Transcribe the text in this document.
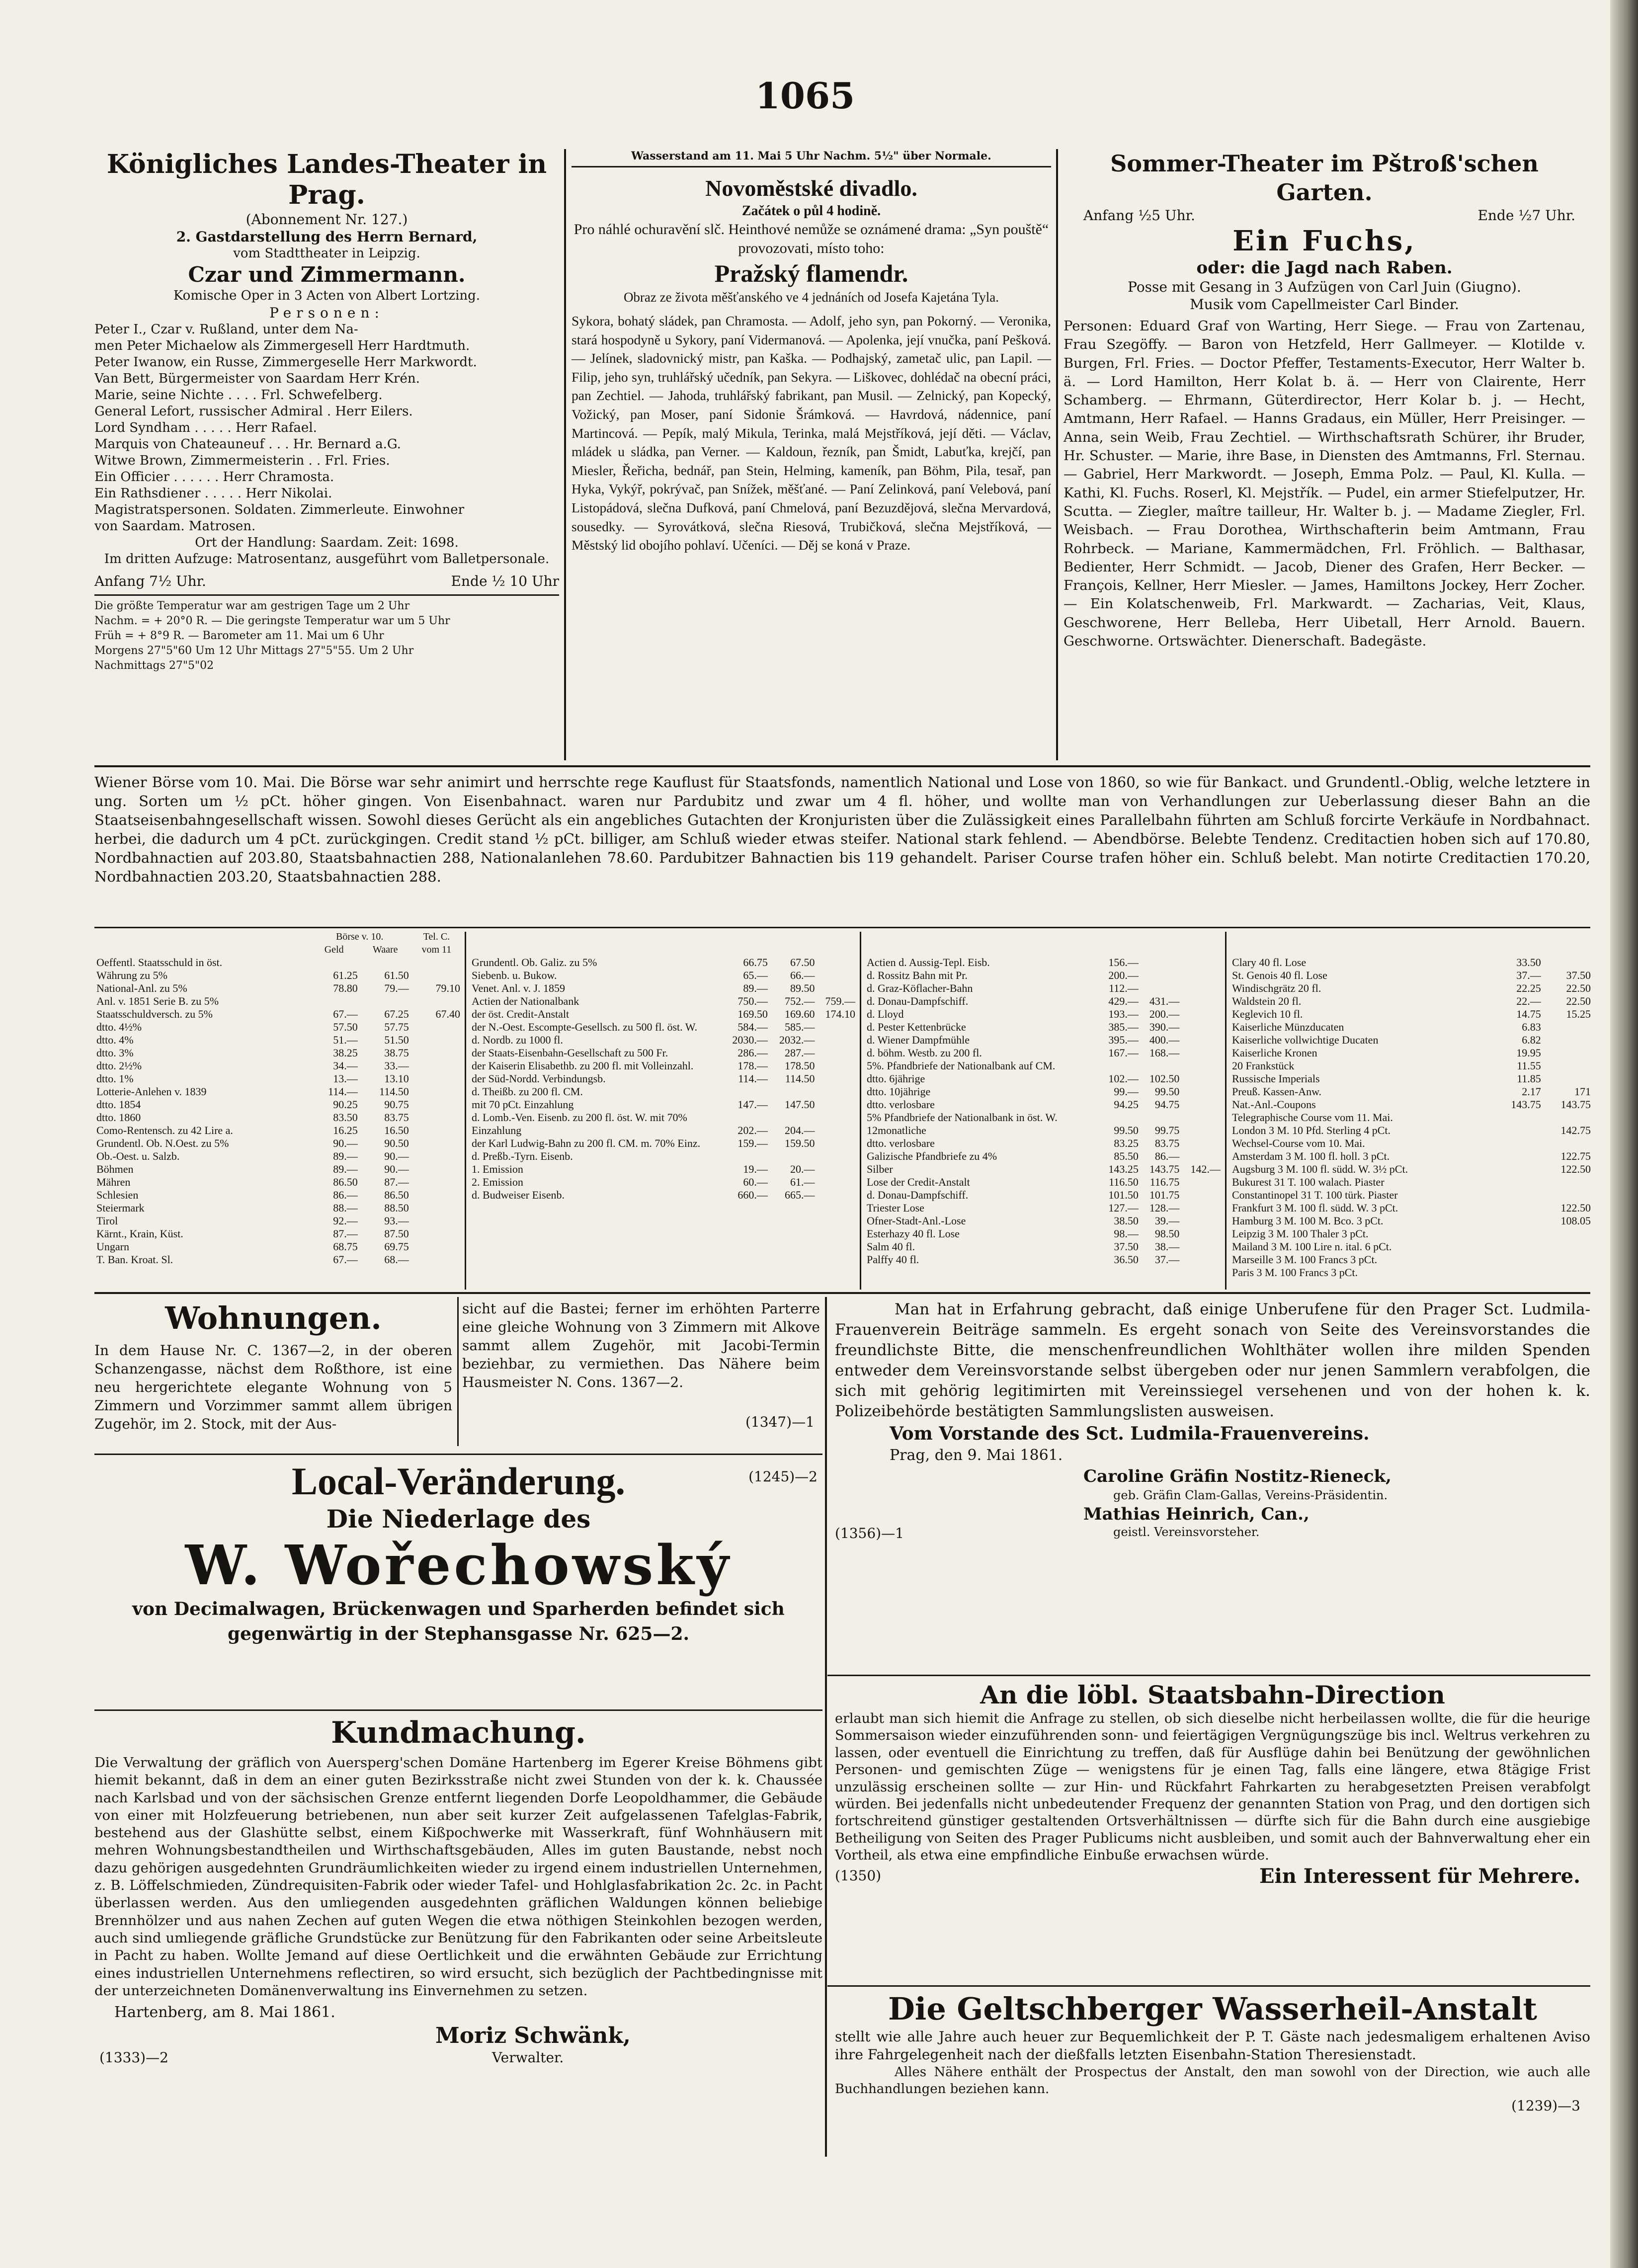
1065
Königliches Landes-Theater in Prag.
(Abonnement Nr. 127.)
2. Gastdarstellung des Herrn Bernard,
vom Stadttheater in Leipzig.
Czar und Zimmermann.
Komische Oper in 3 Acten von Albert Lortzing.
Personen:
Peter I., Czar v. Rußland, unter dem Na-
men Peter Michaelow als Zimmergesell Herr Hardtmuth.
Peter Iwanow, ein Russe, Zimmergeselle Herr Markwordt.
Van Bett, Bürgermeister von Saardam Herr Krén.
Marie, seine Nichte . . . . Frl. Schwefelberg.
General Lefort, russischer Admiral . Herr Eilers.
Lord Syndham . . . . . Herr Rafael.
Marquis von Chateauneuf . . . Hr. Bernard a.G.
Witwe Brown, Zimmermeisterin . . Frl. Fries.
Ein Officier . . . . . . Herr Chramosta.
Ein Rathsdiener . . . . . Herr Nikolai.
Magistratspersonen. Soldaten. Zimmerleute. Einwohner
von Saardam. Matrosen.
Ort der Handlung: Saardam. Zeit: 1698.
Im dritten Aufzuge: Matrosentanz, ausgeführt vom Balletpersonale.
Anfang 7½ Uhr.	Ende ½ 10 Uhr
Die größte Temperatur war am gestrigen Tage um 2 Uhr
Nachm. = + 20°0 R. — Die geringste Temperatur war um 5 Uhr
Früh = + 8°9 R. — Barometer am 11. Mai um 6 Uhr
Morgens 27"5"60 Um 12 Uhr Mittags 27"5"55. Um 2 Uhr
Nachmittags 27"5"02
Wasserstand am 11. Mai 5 Uhr Nachm. 5½" über Normale.
Novoměstské divadlo.
Začátek o půl 4 hodině.
Pro náhlé ochuravění slč. Heinthové nemůže se oznámené drama: „Syn pouště“ provozovati, místo toho:
Pražský flamendr.
Obraz ze života měšťanského ve 4 jednáních od Josefa Kajetána Tyla.
Sykora, bohatý sládek, pan Chramosta. — Adolf, jeho syn, pan Pokorný. — Veronika, stará hospodyně u Sykory, paní Vidermanová. — Apolenka, její vnučka, paní Pešková. — Jelínek, sladovnický mistr, pan Kaška. — Podhajský, zametač ulic, pan Lapil. — Filip, jeho syn, truhlářský učedník, pan Sekyra. — Liškovec, dohlédač na obecní práci, pan Zechtiel. — Jahoda, truhlářský fabrikant, pan Musil. — Zelnický, pan Kopecký, Vožický, pan Moser, paní Sidonie Šrámková. — Havrdová, nádennice, paní Martincová. — Pepík, malý Mikula, Terinka, malá Mejstříková, její děti. — Václav, mládek u sládka, pan Verner. — Kaldoun, řezník, pan Šmidt, Labuťka, krejčí, pan Miesler, Řeřicha, bednář, pan Stein, Helming, kameník, pan Böhm, Pila, tesař, pan Hyka, Vykýř, pokrývač, pan Snížek, měšťané. — Paní Zelinková, paní Velebová, paní Listopádová, slečna Dufková, paní Chmelová, paní Bezuzdějová, slečna Mervardová, sousedky. — Syrovátková, slečna Riesová, Trubičková, slečna Mejstříková, — Městský lid obojího pohlaví. Učeníci. — Děj se koná v Praze.
Sommer-Theater im Pštroß'schen Garten.
Anfang ½5 Uhr.	Ende ½7 Uhr.
Ein Fuchs,
oder: die Jagd nach Raben.
Posse mit Gesang in 3 Aufzügen von Carl Juin (Giugno).
Musik vom Capellmeister Carl Binder.
Personen: Eduard Graf von Warting, Herr Siege. — Frau von Zartenau, Frau Szegöffy. — Baron von Hetzfeld, Herr Gallmeyer. — Klotilde v. Burgen, Frl. Fries. — Doctor Pfeffer, Testaments-Executor, Herr Walter b. ä. — Lord Hamilton, Herr Kolat b. ä. — Herr von Clairente, Herr Schamberg. — Ehrmann, Güterdirector, Herr Kolar b. j. — Hecht, Amtmann, Herr Rafael. — Hanns Gradaus, ein Müller, Herr Preisinger. — Anna, sein Weib, Frau Zechtiel. — Wirthschaftsrath Schürer, ihr Bruder, Hr. Schuster. — Marie, ihre Base, in Diensten des Amtmanns, Frl. Sternau. — Gabriel, Herr Markwordt. — Joseph, Emma Polz. — Paul, Kl. Kulla. — Kathi, Kl. Fuchs. Roserl, Kl. Mejstřík. — Pudel, ein armer Stiefelputzer, Hr. Scutta. — Ziegler, maître tailleur, Hr. Walter b. j. — Madame Ziegler, Frl. Weisbach. — Frau Dorothea, Wirthschafterin beim Amtmann, Frau Rohrbeck. — Mariane, Kammermädchen, Frl. Fröhlich. — Balthasar, Bedienter, Herr Schmidt. — Jacob, Diener des Grafen, Herr Becker. — François, Kellner, Herr Miesler. — James, Hamiltons Jockey, Herr Zocher. — Ein Kolatschenweib, Frl. Markwardt. — Zacharias, Veit, Klaus, Geschworene, Herr Belleba, Herr Uibetall, Herr Arnold. Bauern. Geschworne. Ortswächter. Dienerschaft. Badegäste.
Wiener Börse vom 10. Mai. Die Börse war sehr animirt und herrschte rege Kauflust für Staatsfonds, namentlich National und Lose von 1860, so wie für Bankact. und Grundentl.-Oblig, welche letztere in ung. Sorten um ½ pCt. höher gingen. Von Eisenbahnact. waren nur Pardubitz und zwar um 4 fl. höher, und wollte man von Verhandlungen zur Ueberlassung dieser Bahn an die Staatseisenbahngesellschaft wissen. Sowohl dieses Gerücht als ein angebliches Gutachten der Kronjuristen über die Zulässigkeit eines Parallelbahn führten am Schluß forcirte Verkäufe in Nordbahnact. herbei, die dadurch um 4 pCt. zurückgingen. Credit stand ½ pCt. billiger, am Schluß wieder etwas steifer. National stark fehlend. — Abendbörse. Belebte Tendenz. Creditactien hoben sich auf 170.80, Nordbahnactien auf 203.80, Staatsbahnactien 288, Nationalanlehen 78.60. Pardubitzer Bahnactien bis 119 gehandelt. Pariser Course trafen höher ein. Schluß belebt. Man notirte Creditactien 170.20, Nordbahnactien 203.20, Staatsbahnactien 288.
	Börse v. 10.		Tel. C.
	Geld	Waare	vom 11
Oeffentl. Staatsschuld in öst.			
Währung zu 5%	61.25	61.50	
National-Anl. zu 5%	78.80	79.—	79.10
Anl. v. 1851 Serie B. zu 5%			
Staatsschuldversch. zu 5%	67.—	67.25	67.40
dtto. 4½%	57.50	57.75	
dtto. 4%	51.—	51.50	
dtto. 3%	38.25	38.75	
dtto. 2½%	34.—	33.—	
dtto. 1%	13.—	13.10	
Lotterie-Anlehen v. 1839	114.—	114.50	
dtto. 1854	90.25	90.75	
dtto. 1860	83.50	83.75	
Como-Rentensch. zu 42 Lire a.	16.25	16.50	
Grundentl. Ob. N.Oest. zu 5%	90.—	90.50	
Ob.-Oest. u. Salzb.	89.—	90.—	
Böhmen	89.—	90.—	
Mähren	86.50	87.—	
Schlesien	86.—	86.50	
Steiermark	88.—	88.50	
Tirol	92.—	93.—	
Kärnt., Krain, Küst.	87.—	87.50	
Ungarn	68.75	69.75	
T. Ban. Kroat. Sl.	67.—	68.—	

Grundentl. Ob. Galiz. zu 5%	66.75	67.50	
Siebenb. u. Bukow.	65.—	66.—	
Venet. Anl. v. J. 1859	89.—	89.50	
Actien der Nationalbank	750.—	752.—	759.—
der öst. Credit-Anstalt	169.50	169.60	174.10
der N.-Oest. Escompte-Gesellsch. zu 500 fl. öst. W.	584.—	585.—	
d. Nordb. zu 1000 fl.	2030.—	2032.—	
der Staats-Eisenbahn-Gesellschaft zu 500 Fr.	286.—	287.—	
der Kaiserin Elisabethb. zu 200 fl. mit Volleinzahl.	178.—	178.50	
der Süd-Nordd. Verbindungsb.	114.—	114.50	
d. Theißb. zu 200 fl. CM.			
mit 70 pCt. Einzahlung	147.—	147.50	
d. Lomb.-Ven. Eisenb. zu 200 fl. öst. W. mit 70%			
Einzahlung	202.—	204.—	
der Karl Ludwig-Bahn zu 200 fl. CM. m. 70% Einz.	159.—	159.50	
d. Preßb.-Tyrn. Eisenb.			
1. Emission	19.—	20.—	
2. Emission	60.—	61.—	
d. Budweiser Eisenb.	660.—	665.—	

Actien d. Aussig-Tepl. Eisb.	156.—		
d. Rossitz Bahn mit Pr.	200.—		
d. Graz-Köflacher-Bahn	112.—		
d. Donau-Dampfschiff.	429.—	431.—	
d. Lloyd	193.—	200.—	
d. Pester Kettenbrücke	385.—	390.—	
d. Wiener Dampfmühle	395.—	400.—	
d. böhm. Westb. zu 200 fl.	167.—	168.—	
5%. Pfandbriefe der Nationalbank auf CM.			
dtto. 6jährige	102.—	102.50	
dtto. 10jährige	99.—	99.50	
dtto. verlosbare	94.25	94.75	
5% Pfandbriefe der Nationalbank in öst. W.			
12monatliche	99.50	99.75	
dtto. verlosbare	83.25	83.75	
Galizische Pfandbriefe zu 4%	85.50	86.—	
Silber	143.25	143.75	142.—
Lose der Credit-Anstalt	116.50	116.75	
d. Donau-Dampfschiff.	101.50	101.75	
Triester Lose	127.—	128.—	
Ofner-Stadt-Anl.-Lose	38.50	39.—	
Esterhazy 40 fl. Lose	98.—	98.50	
Salm 40 fl.	37.50	38.—	
Palffy 40 fl.	36.50	37.—	

Clary 40 fl. Lose	33.50	
St. Genois 40 fl. Lose	37.—	37.50
Windischgrätz 20 fl.	22.25	22.50
Waldstein 20 fl.	22.—	22.50
Keglevich 10 fl.	14.75	15.25
Kaiserliche Münzducaten	6.83	
Kaiserliche vollwichtige Ducaten	6.82	
Kaiserliche Kronen	19.95	
20 Frankstück	11.55	
Russische Imperials	11.85	
Preuß. Kassen-Anw.	2.17	171
Nat.-Anl.-Coupons	143.75	143.75
Telegraphische Course vom 11. Mai.		
London 3 M. 10 Pfd. Sterling 4 pCt.		142.75
Wechsel-Course vom 10. Mai.		
Amsterdam 3 M. 100 fl. holl. 3 pCt.		122.75
Augsburg 3 M. 100 fl. südd. W. 3½ pCt.		122.50
Bukurest 31 T. 100 walach. Piaster		
Constantinopel 31 T. 100 türk. Piaster		
Frankfurt 3 M. 100 fl. südd. W. 3 pCt.		122.50
Hamburg 3 M. 100 M. Bco. 3 pCt.		108.05
Leipzig 3 M. 100 Thaler 3 pCt.		
Mailand 3 M. 100 Lire n. ital. 6 pCt.		
Marseille 3 M. 100 Francs 3 pCt.		
Paris 3 M. 100 Francs 3 pCt.		
Wohnungen.
In dem Hause Nr. C. 1367—2, in der oberen Schanzengasse, nächst dem Roßthore, ist eine neu hergerichtete elegante Wohnung von 5 Zimmern und Vorzimmer sammt allem übrigen Zugehör, im 2. Stock, mit der Aus-
sicht auf die Bastei; ferner im erhöhten Parterre eine gleiche Wohnung von 3 Zimmern mit Alkove sammt allem Zugehör, mit Jacobi-Termin beziehbar, zu vermiethen. Das Nähere beim Hausmeister N. Cons. 1367—2.
(1347)—1
Local-Veränderung.	(1245)—2
Die Niederlage des
W. Wořechowský
von Decimalwagen, Brückenwagen und Sparherden befindet sich gegenwärtig in der Stephansgasse Nr. 625—2.
Kundmachung.
Die Verwaltung der gräflich von Auersperg'schen Domäne Hartenberg im Egerer Kreise Böhmens gibt hiemit bekannt, daß in dem an einer guten Bezirksstraße nicht zwei Stunden von der k. k. Chaussée nach Karlsbad und von der sächsischen Grenze entfernt liegenden Dorfe Leopoldhammer, die Gebäude von einer mit Holzfeuerung betriebenen, nun aber seit kurzer Zeit aufgelassenen Tafelglas-Fabrik, bestehend aus der Glashütte selbst, einem Kißpochwerke mit Wasserkraft, fünf Wohnhäusern mit mehren Wohnungsbestandtheilen und Wirthschaftsgebäuden, Alles im guten Baustande, nebst noch dazu gehörigen ausgedehnten Grundräumlichkeiten wieder zu irgend einem industriellen Unternehmen, z. B. Löffelschmieden, Zündrequisiten-Fabrik oder wieder Tafel- und Hohlglasfabrikation 2c. 2c. in Pacht überlassen werden. Aus den umliegenden ausgedehnten gräflichen Waldungen können beliebige Brennhölzer und aus nahen Zechen auf guten Wegen die etwa nöthigen Steinkohlen bezogen werden, auch sind umliegende gräfliche Grundstücke zur Benützung für den Fabrikanten oder seine Arbeitsleute in Pacht zu haben. Wollte Jemand auf diese Oertlichkeit und die erwähnten Gebäude zur Errichtung eines industriellen Unternehmens reflectiren, so wird ersucht, sich bezüglich der Pachtbedingnisse mit der unterzeichneten Domänenverwaltung ins Einvernehmen zu setzen.
Hartenberg, am 8. Mai 1861.
Moriz Schwänk,
(1333)—2	Verwalter.
Man hat in Erfahrung gebracht, daß einige Unberufene für den Prager Sct. Ludmila-Frauenverein Beiträge sammeln. Es ergeht sonach von Seite des Vereinsvorstandes die freundlichste Bitte, die menschenfreundlichen Wohlthäter wollen ihre milden Spenden entweder dem Vereinsvorstande selbst übergeben oder nur jenen Sammlern verabfolgen, die sich mit gehörig legitimirten mit Vereinssiegel versehenen und von der hohen k. k. Polizeibehörde bestätigten Sammlungslisten ausweisen.
Vom Vorstande des Sct. Ludmila-Frauenvereins.
Prag, den 9. Mai 1861.
Caroline Gräfin Nostitz-Rieneck,
geb. Gräfin Clam-Gallas, Vereins-Präsidentin.
Mathias Heinrich, Can.,
(1356)—1	geistl. Vereinsvorsteher.
An die löbl. Staatsbahn-Direction
erlaubt man sich hiemit die Anfrage zu stellen, ob sich dieselbe nicht herbeilassen wollte, die für die heurige Sommersaison wieder einzuführenden sonn- und feiertägigen Vergnügungszüge bis incl. Weltrus verkehren zu lassen, oder eventuell die Einrichtung zu treffen, daß für Ausflüge dahin bei Benützung der gewöhnlichen Personen- und gemischten Züge — wenigstens für je einen Tag, falls eine längere, etwa 8tägige Frist unzulässig erscheinen sollte — zur Hin- und Rückfahrt Fahrkarten zu herabgesetzten Preisen verabfolgt würden. Bei jedenfalls nicht unbedeutender Frequenz der genannten Station von Prag, und den dortigen sich fortschreitend günstiger gestaltenden Ortsverhältnissen — dürfte sich für die Bahn durch eine ausgiebige Betheiligung von Seiten des Prager Publicums nicht ausbleiben, und somit auch der Bahnverwaltung eher ein Vortheil, als etwa eine empfindliche Einbuße erwachsen würde.
(1350)	Ein Interessent für Mehrere.
Die Geltschberger Wasserheil-Anstalt
stellt wie alle Jahre auch heuer zur Bequemlichkeit der P. T. Gäste nach jedesmaligem erhaltenen Aviso ihre Fahrgelegenheit nach der dießfalls letzten Eisenbahn-Station Theresienstadt.
Alles Nähere enthält der Prospectus der Anstalt, den man sowohl von der Direction, wie auch alle Buchhandlungen beziehen kann.
(1239)—3
